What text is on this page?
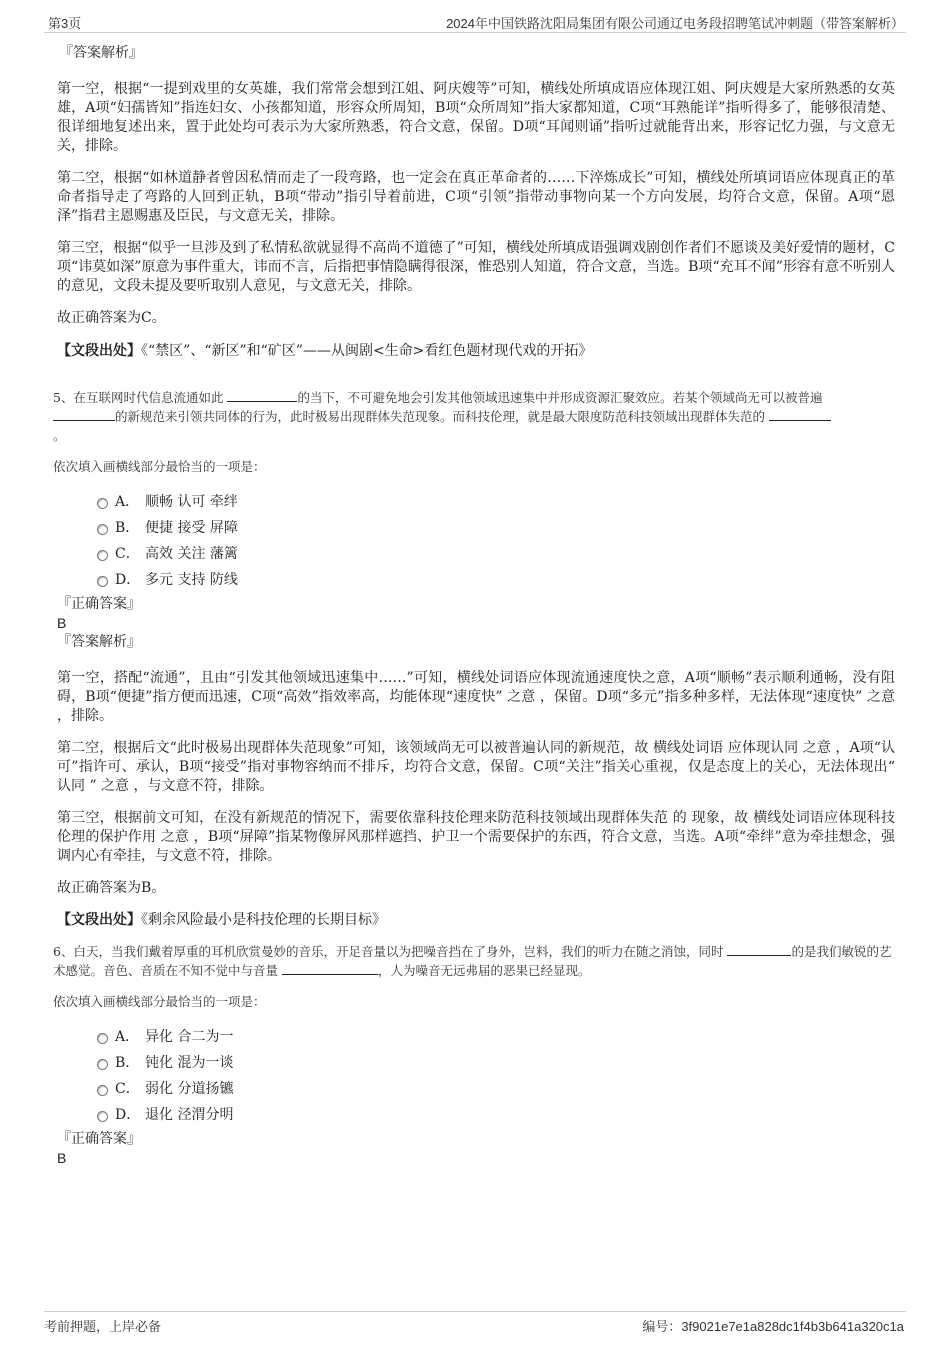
第3页	2024年中国铁路沈阳局集团有限公司通辽电务段招聘笔试冲刺题（带答案解析）

『答案解析』

第一空，根据“一提到戏里的女英雄，我们常常会想到江姐、阿庆嫂等”可知，横线处所填成语应体现江姐、阿庆嫂是大家所熟悉的女英雄，A项“妇孺皆知”指连妇女、小孩都知道，形容众所周知，B项“众所周知”指大家都知道，C项“耳熟能详”指听得多了，能够很清楚、很详细地复述出来，置于此处均可表示为大家所熟悉，符合文意，保留。D项“耳闻则诵”指听过就能背出来，形容记忆力强，与文意无关，排除。

第二空，根据“如林道静者曾因私情而走了一段弯路，也一定会在真正革命者的……下淬炼成长”可知，横线处所填词语应体现真正的革命者指导走了弯路的人回到正轨，B项“带动”指引导着前进，C项“引领”指带动事物向某一个方向发展，均符合文意，保留。A项“恩泽”指君主恩赐惠及臣民，与文意无关，排除。

第三空，根据“似乎一旦涉及到了私情私欲就显得不高尚不道德了”可知，横线处所填成语强调戏剧创作者们不愿谈及美好爱情的题材，C项“讳莫如深”原意为事件重大，讳而不言，后指把事情隐瞒得很深，惟恐别人知道，符合文意，当选。B项“充耳不闻”形容有意不听别人的意见，文段未提及要听取别人意见，与文意无关，排除。

故正确答案为C。

【文段出处】《“禁区”、“新区”和“矿区”——从闽剧<生命>看红色题材现代戏的开拓》

5、在互联网时代信息流通如此	的当下，不可避免地会引发其他领域迅速集中并形成资源汇聚效应。若某个领域尚无可以被普遍
的新规范来引领共同体的行为，此时极易出现群体失范现象。而科技伦理，就是最大限度防范科技领域出现群体失范的
。

依次填入画横线部分最恰当的一项是：

A． 顺畅 认可 牵绊
B． 便捷 接受 屏障
C． 高效 关注 藩篱
D． 多元 支持 防线

『正确答案』

B

『答案解析』

第一空，搭配“流通”，且由“引发其他领域迅速集中……”可知，横线处词语应体现流通速度快之意，A项“顺畅”表示顺利通畅，没有阻碍，B项“便捷”指方便而迅速，C项“高效”指效率高，均能体现“速度快” 之意 ，保留。D项“多元”指多种多样，无法体现“速度快” 之意 ，排除。

第二空，根据后文“此时极易出现群体失范现象”可知，该领域尚无可以被普遍认同的新规范，故 横线处词语 应体现认同 之意 ，A项“认可”指许可、承认，B项“接受”指对事物容纳而不排斥，均符合文意，保留。C项“关注”指关心重视，仅是态度上的关心，无法体现出“ 认同 ” 之意 ，与文意不符，排除。

第三空，根据前文可知，在没有新规范的情况下，需要依靠科技伦理来防范科技领域出现群体失范 的 现象，故 横线处词语应体现科技伦理的保护作用 之意 ，B项“屏障”指某物像屏风那样遮挡、护卫一个需要保护的东西，符合文意，当选。A项“牵绊”意为牵挂想念，强调内心有牵挂，与文意不符，排除。

故正确答案为B。

【文段出处】《剩余风险最小是科技伦理的长期目标》

6、白天，当我们戴着厚重的耳机欣赏曼妙的音乐，开足音量以为把噪音挡在了身外，岂料，我们的听力在随之消蚀，同时	的是我们敏锐的艺术感觉。音色、音质在不知不觉中与音量	，人为噪音无远弗届的恶果已经显现。

依次填入画横线部分最恰当的一项是：

A． 异化 合二为一
B． 钝化 混为一谈
C． 弱化 分道扬镳
D． 退化 泾渭分明

『正确答案』

B

考前押题，上岸必备	编号：3f9021e7e1a828dc1f4b3b641a320c1a
